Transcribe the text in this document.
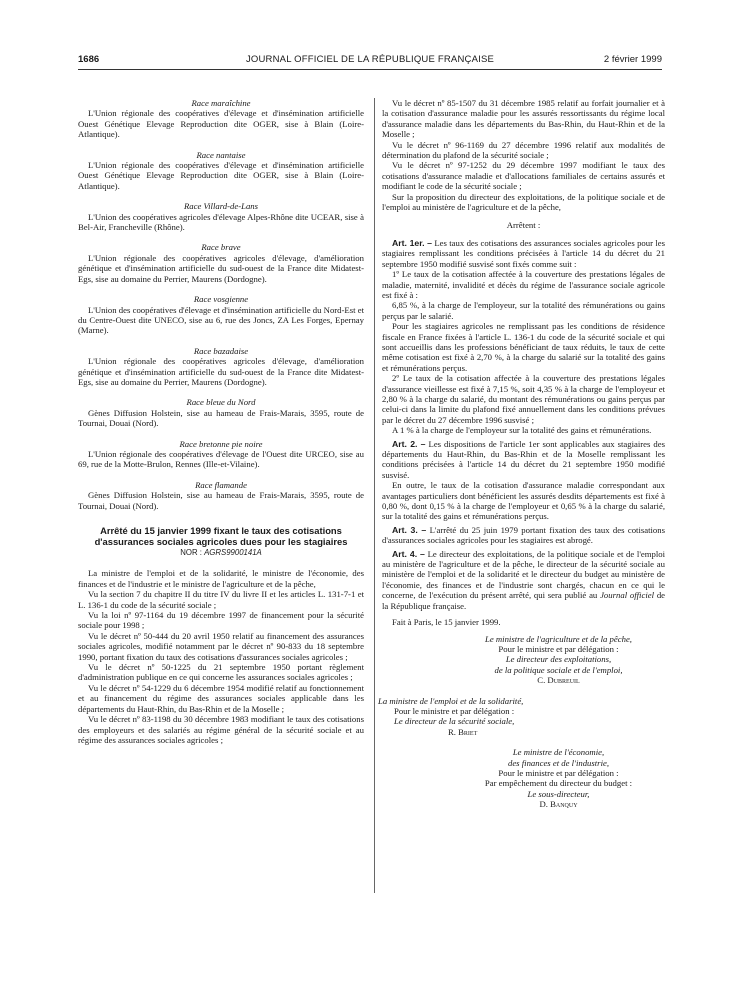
1686	JOURNAL OFFICIEL DE LA RÉPUBLIQUE FRANÇAISE	2 février 1999

Race maraîchine

L'Union régionale des coopératives d'élevage et d'insémination artificielle Ouest Génétique Elevage Reproduction dite OGER, sise à Blain (Loire-Atlantique).

Race nantaise

L'Union régionale des coopératives d'élevage et d'insémination artificielle Ouest Génétique Elevage Reproduction dite OGER, sise à Blain (Loire-Atlantique).

Race Villard-de-Lans

L'Union des coopératives agricoles d'élevage Alpes-Rhône dite UCEAR, sise à Bel-Air, Francheville (Rhône).

Race brave

L'Union régionale des coopératives agricoles d'élevage, d'amélioration génétique et d'insémination artificielle du sud-ouest de la France dite Midatest-Egs, sise au domaine du Perrier, Maurens (Dordogne).

Race vosgienne

L'Union des coopératives d'élevage et d'insémination artificielle du Nord-Est et du Centre-Ouest dite UNECO, sise au 6, rue des Joncs, ZA Les Forges, Epernay (Marne).

Race bazadaise

L'Union régionale des coopératives agricoles d'élevage, d'amélioration génétique et d'insémination artificielle du sud-ouest de la France dite Midatest-Egs, sise au domaine du Perrier, Maurens (Dordogne).

Race bleue du Nord

Gènes Diffusion Holstein, sise au hameau de Frais-Marais, 3595, route de Tournai, Douai (Nord).

Race bretonne pie noire

L'Union régionale des coopératives d'élevage de l'Ouest dite URCEO, sise au 69, rue de la Motte-Brulon, Rennes (Ille-et-Vilaine).

Race flamande

Gènes Diffusion Holstein, sise au hameau de Frais-Marais, 3595, route de Tournai, Douai (Nord).

Arrêté du 15 janvier 1999 fixant le taux des cotisations d'assurances sociales agricoles dues pour les stagiaires
NOR : AGRS9900141A

La ministre de l'emploi et de la solidarité, le ministre de l'économie, des finances et de l'industrie et le ministre de l'agriculture et de la pêche,

Vu la section 7 du chapitre II du titre IV du livre II et les articles L. 131-7-1 et L. 136-1 du code de la sécurité sociale ;

Vu la loi nº 97-1164 du 19 décembre 1997 de financement pour la sécurité sociale pour 1998 ;

Vu le décret nº 50-444 du 20 avril 1950 relatif au financement des assurances sociales agricoles, modifié notamment par le décret nº 90-833 du 18 septembre 1990, portant fixation du taux des cotisations d'assurances sociales agricoles ;

Vu le décret nº 50-1225 du 21 septembre 1950 portant règlement d'administration publique en ce qui concerne les assurances sociales agricoles ;

Vu le décret nº 54-1229 du 6 décembre 1954 modifié relatif au fonctionnement et au financement du régime des assurances sociales applicable dans les départements du Haut-Rhin, du Bas-Rhin et de la Moselle ;

Vu le décret nº 83-1198 du 30 décembre 1983 modifiant le taux des cotisations des employeurs et des salariés au régime général de la sécurité sociale et au régime des assurances sociales agricoles ;

Vu le décret nº 85-1507 du 31 décembre 1985 relatif au forfait journalier et à la cotisation d'assurance maladie pour les assurés ressortissants du régime local d'assurance maladie dans les départements du Bas-Rhin, du Haut-Rhin et de la Moselle ;

Vu le décret nº 96-1169 du 27 décembre 1996 relatif aux modalités de détermination du plafond de la sécurité sociale ;

Vu le décret nº 97-1252 du 29 décembre 1997 modifiant le taux des cotisations d'assurance maladie et d'allocations familiales de certains assurés et modifiant le code de la sécurité sociale ;

Sur la proposition du directeur des exploitations, de la politique sociale et de l'emploi au ministère de l'agriculture et de la pêche,

Arrêtent :

Art. 1er. – Les taux des cotisations des assurances sociales agricoles pour les stagiaires remplissant les conditions précisées à l'article 14 du décret du 21 septembre 1950 modifié susvisé sont fixés comme suit :

1º Le taux de la cotisation affectée à la couverture des prestations légales de maladie, maternité, invalidité et décès du régime de l'assurance sociale agricole est fixé à :

6,85 %, à la charge de l'employeur, sur la totalité des rémunérations ou gains perçus par le salarié.

Pour les stagiaires agricoles ne remplissant pas les conditions de résidence fiscale en France fixées à l'article L. 136-1 du code de la sécurité sociale et qui sont accueillis dans les professions bénéficiant de taux réduits, le taux de cette même cotisation est fixé à 2,70 %, à la charge du salarié sur la totalité des gains et rémunérations perçus.

2º Le taux de la cotisation affectée à la couverture des prestations légales d'assurance vieillesse est fixé à 7,15 %, soit 4,35 % à la charge de l'employeur et 2,80 % à la charge du salarié, du montant des rémunérations ou gains perçus par celui-ci dans la limite du plafond fixé annuellement dans les conditions prévues par le décret du 27 décembre 1996 susvisé ;

A 1 % à la charge de l'employeur sur la totalité des gains et rémunérations.

Art. 2. – Les dispositions de l'article 1er sont applicables aux stagiaires des départements du Haut-Rhin, du Bas-Rhin et de la Moselle remplissant les conditions précisées à l'article 14 du décret du 21 septembre 1950 modifié susvisé.

En outre, le taux de la cotisation d'assurance maladie correspondant aux avantages particuliers dont bénéficient les assurés desdits départements est fixé à 0,80 %, dont 0,15 % à la charge de l'employeur et 0,65 % à la charge du salarié, sur la totalité des gains et rémunérations perçus.

Art. 3. – L'arrêté du 25 juin 1979 portant fixation des taux des cotisations d'assurances sociales agricoles pour les stagiaires est abrogé.

Art. 4. – Le directeur des exploitations, de la politique sociale et de l'emploi au ministère de l'agriculture et de la pêche, le directeur de la sécurité sociale au ministère de l'emploi et de la solidarité et le directeur du budget au ministère de l'économie, des finances et de l'industrie sont chargés, chacun en ce qui le concerne, de l'exécution du présent arrêté, qui sera publié au Journal officiel de la République française.

Fait à Paris, le 15 janvier 1999.

Le ministre de l'agriculture et de la pêche,

Pour le ministre et par délégation :

Le directeur des exploitations,

de la politique sociale et de l'emploi,

C. Dubreuil

La ministre de l'emploi et de la solidarité,

Pour le ministre et par délégation :

Le directeur de la sécurité sociale,

R. Briet

Le ministre de l'économie,

des finances et de l'industrie,

Pour le ministre et par délégation :

Par empêchement du directeur du budget :

Le sous-directeur,

D. Banquy
